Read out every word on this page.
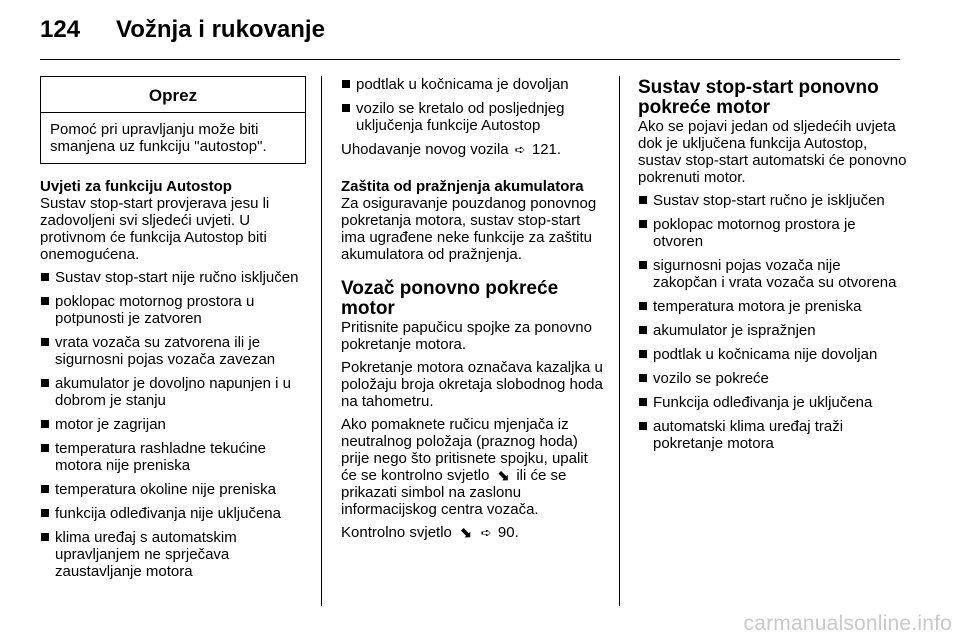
124	Vožnja i rukovanje
Oprez
Pomoć pri upravljanju može biti smanjena uz funkciju "autostop".
Uvjeti za funkciju Autostop

Sustav stop-start provjerava jesu li zadovoljeni svi sljedeći uvjeti. U protivnom će funkcija Autostop biti onemogućena.

Sustav stop-start nije ručno isključen
poklopac motornog prostora u potpunosti je zatvoren
vrata vozača su zatvorena ili je sigurnosni pojas vozača zavezan
akumulator je dovoljno napunjen i u dobrom je stanju
motor je zagrijan
temperatura rashladne tekućine motora nije preniska
temperatura okoline nije preniska
funkcija odleđivanja nije uključena
klima uređaj s automatskim upravljanjem ne sprječava zaustavljanje motora
podtlak u kočnicama je dovoljan
vozilo se kretalo od posljednjeg uključenja funkcije Autostop

Uhodavanje novog vozila ➪ 121.

Zaštita od pražnjenja akumulatora

Za osiguravanje pouzdanog ponovnog pokretanja motora, sustav stop-start ima ugrađene neke funkcije za zaštitu akumulatora od pražnjenja.

Vozač ponovno pokreće motor

Pritisnite papučicu spojke za ponovno pokretanje motora.

Pokretanje motora označava kazaljka u položaju broja okretaja slobodnog hoda na tahometru.

Ako pomaknete ručicu mjenjača iz neutralnog položaja (praznog hoda) prije nego što pritisnete spojku, upalit će se kontrolno svjetlo ⬊ ili će se prikazati simbol na zaslonu informacijskog centra vozača.

Kontrolno svjetlo ⬊ ➪ 90.

Sustav stop-start ponovno pokreće motor

Ako se pojavi jedan od sljedećih uvjeta dok je uključena funkcija Autostop, sustav stop-start automatski će ponovno pokrenuti motor.

Sustav stop-start ručno je isključen
poklopac motornog prostora je otvoren
sigurnosni pojas vozača nije zakopčan i vrata vozača su otvorena
temperatura motora je preniska
akumulator je ispražnjen
podtlak u kočnicama nije dovoljan
vozilo se pokreće
Funkcija odleđivanja je uključena
automatski klima uređaj traži pokretanje motora
carmanualsonline.info
